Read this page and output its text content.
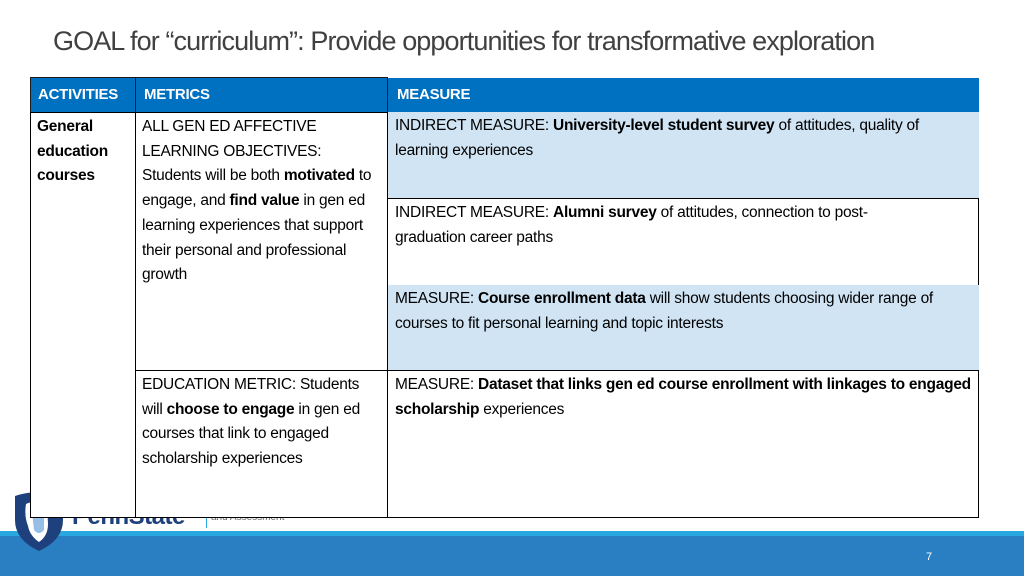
GOAL for “curriculum”: Provide opportunities for transformative exploration
ACTIVITIES	METRICS	MEASURE
General education courses
ALL GEN ED AFFECTIVE LEARNING OBJECTIVES: Students will be both motivated to engage, and find value in gen ed learning experiences that support their personal and professional growth
EDUCATION METRIC: Students will choose to engage in gen ed courses that link to engaged scholarship experiences
INDIRECT MEASURE: University-level student survey of attitudes, quality of learning experiences
INDIRECT MEASURE: Alumni survey of attitudes, connection to post-graduation career paths
MEASURE: Course enrollment data will show students choosing wider range of courses to fit personal learning and topic interests
MEASURE: Dataset that links gen ed course enrollment with linkages to engaged scholarship experiences
7
